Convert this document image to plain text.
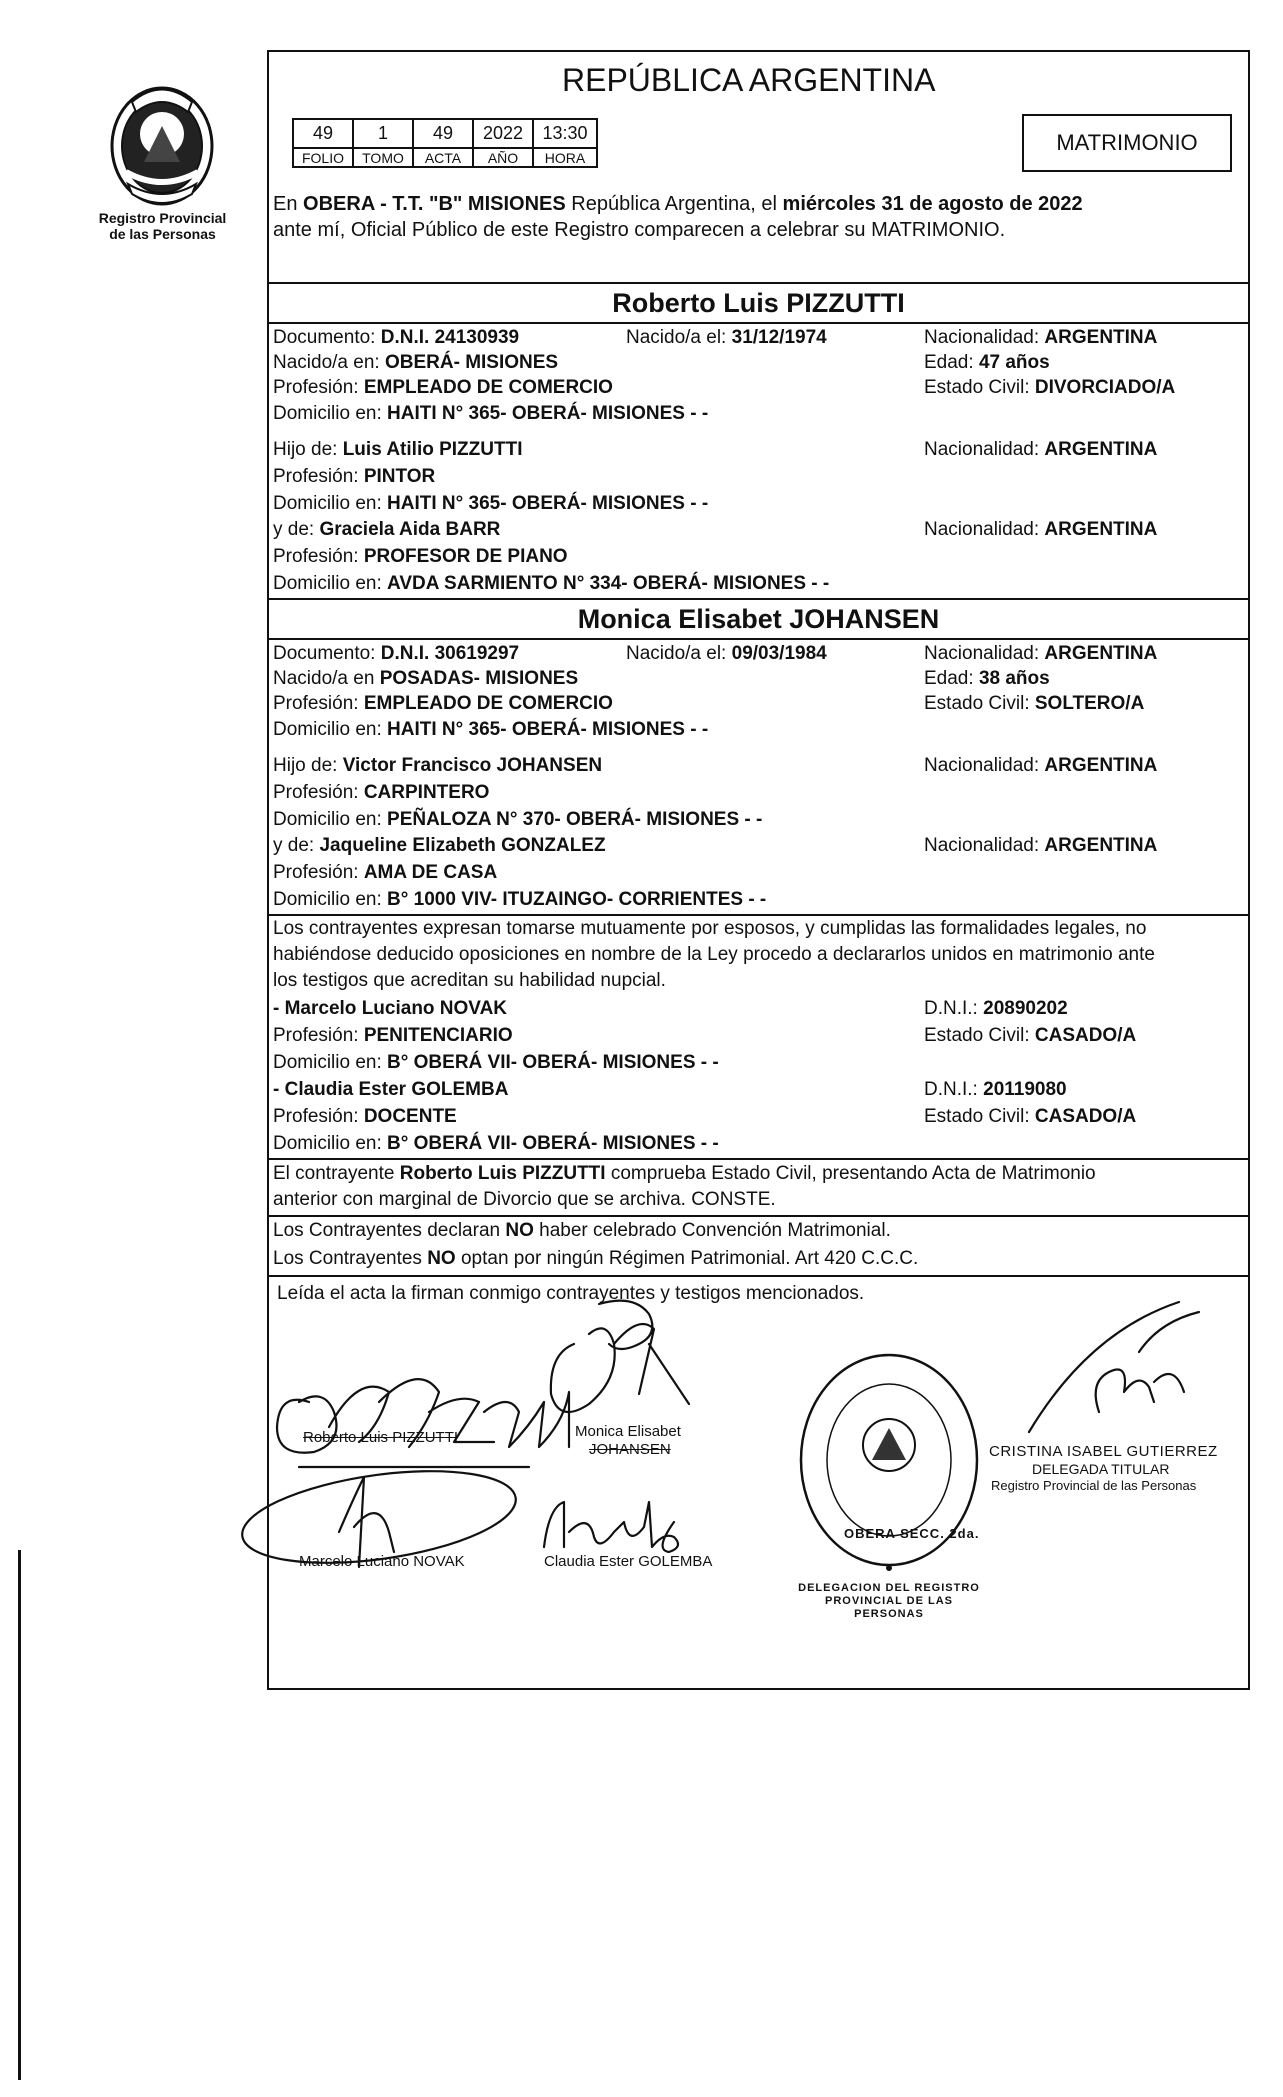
Registro Provincial
de las Personas
REPÚBLICA ARGENTINA
49	1	49	2022	13:30
FOLIO	TOMO	ACTA	AÑO	HORA
MATRIMONIO
En OBERA - T.T. "B" MISIONES República Argentina, el miércoles 31 de agosto de 2022
ante mí, Oficial Público de este Registro comparecen a celebrar su MATRIMONIO.
Roberto Luis PIZZUTTI
Documento: D.N.I. 24130939	Nacido/a el: 31/12/1974	Nacionalidad: ARGENTINA
Nacido/a en: OBERÁ- MISIONES	Edad: 47 años
Profesión: EMPLEADO DE COMERCIO	Estado Civil: DIVORCIADO/A
Domicilio en: HAITI N° 365- OBERÁ- MISIONES - -
Hijo de: Luis Atilio PIZZUTTI	Nacionalidad: ARGENTINA
Profesión: PINTOR
Domicilio en: HAITI N° 365- OBERÁ- MISIONES - -
y de: Graciela Aida BARR	Nacionalidad: ARGENTINA
Profesión: PROFESOR DE PIANO
Domicilio en: AVDA SARMIENTO N° 334- OBERÁ- MISIONES - -
Monica Elisabet JOHANSEN
Documento: D.N.I. 30619297	Nacido/a el: 09/03/1984	Nacionalidad: ARGENTINA
Nacido/a en POSADAS- MISIONES	Edad: 38 años
Profesión: EMPLEADO DE COMERCIO	Estado Civil: SOLTERO/A
Domicilio en: HAITI N° 365- OBERÁ- MISIONES - -
Hijo de: Victor Francisco JOHANSEN	Nacionalidad: ARGENTINA
Profesión: CARPINTERO
Domicilio en: PEÑALOZA N° 370- OBERÁ- MISIONES - -
y de: Jaqueline Elizabeth GONZALEZ	Nacionalidad: ARGENTINA
Profesión: AMA DE CASA
Domicilio en: B° 1000 VIV- ITUZAINGO- CORRIENTES - -
Los contrayentes expresan tomarse mutuamente por esposos, y cumplidas las formalidades legales, no
habiéndose deducido oposiciones en nombre de la Ley procedo a declararlos unidos en matrimonio ante
los testigos que acreditan su habilidad nupcial.
- Marcelo Luciano NOVAK	D.N.I.: 20890202
Profesión: PENITENCIARIO	Estado Civil: CASADO/A
Domicilio en: B° OBERÁ VII- OBERÁ- MISIONES - -
- Claudia Ester GOLEMBA	D.N.I.: 20119080
Profesión: DOCENTE	Estado Civil: CASADO/A
Domicilio en: B° OBERÁ VII- OBERÁ- MISIONES - -
El contrayente Roberto Luis PIZZUTTI comprueba Estado Civil, presentando Acta de Matrimonio
anterior con marginal de Divorcio que se archiva. CONSTE.
Los Contrayentes declaran NO haber celebrado Convención Matrimonial.
Los Contrayentes NO optan por ningún Régimen Patrimonial. Art 420 C.C.C.
Leída el acta la firman conmigo contrayentes y testigos mencionados.
Roberto Luis PIZZUTTI	Monica Elisabet
JOHANSEN
Marcelo Luciano NOVAK	Claudia Ester GOLEMBA
DELEGACION DEL REGISTRO PROVINCIAL DE LAS PERSONAS
OBERA SECC. 2da.
CRISTINA ISABEL GUTIERREZ
DELEGADA TITULAR
Registro Provincial de las Personas
